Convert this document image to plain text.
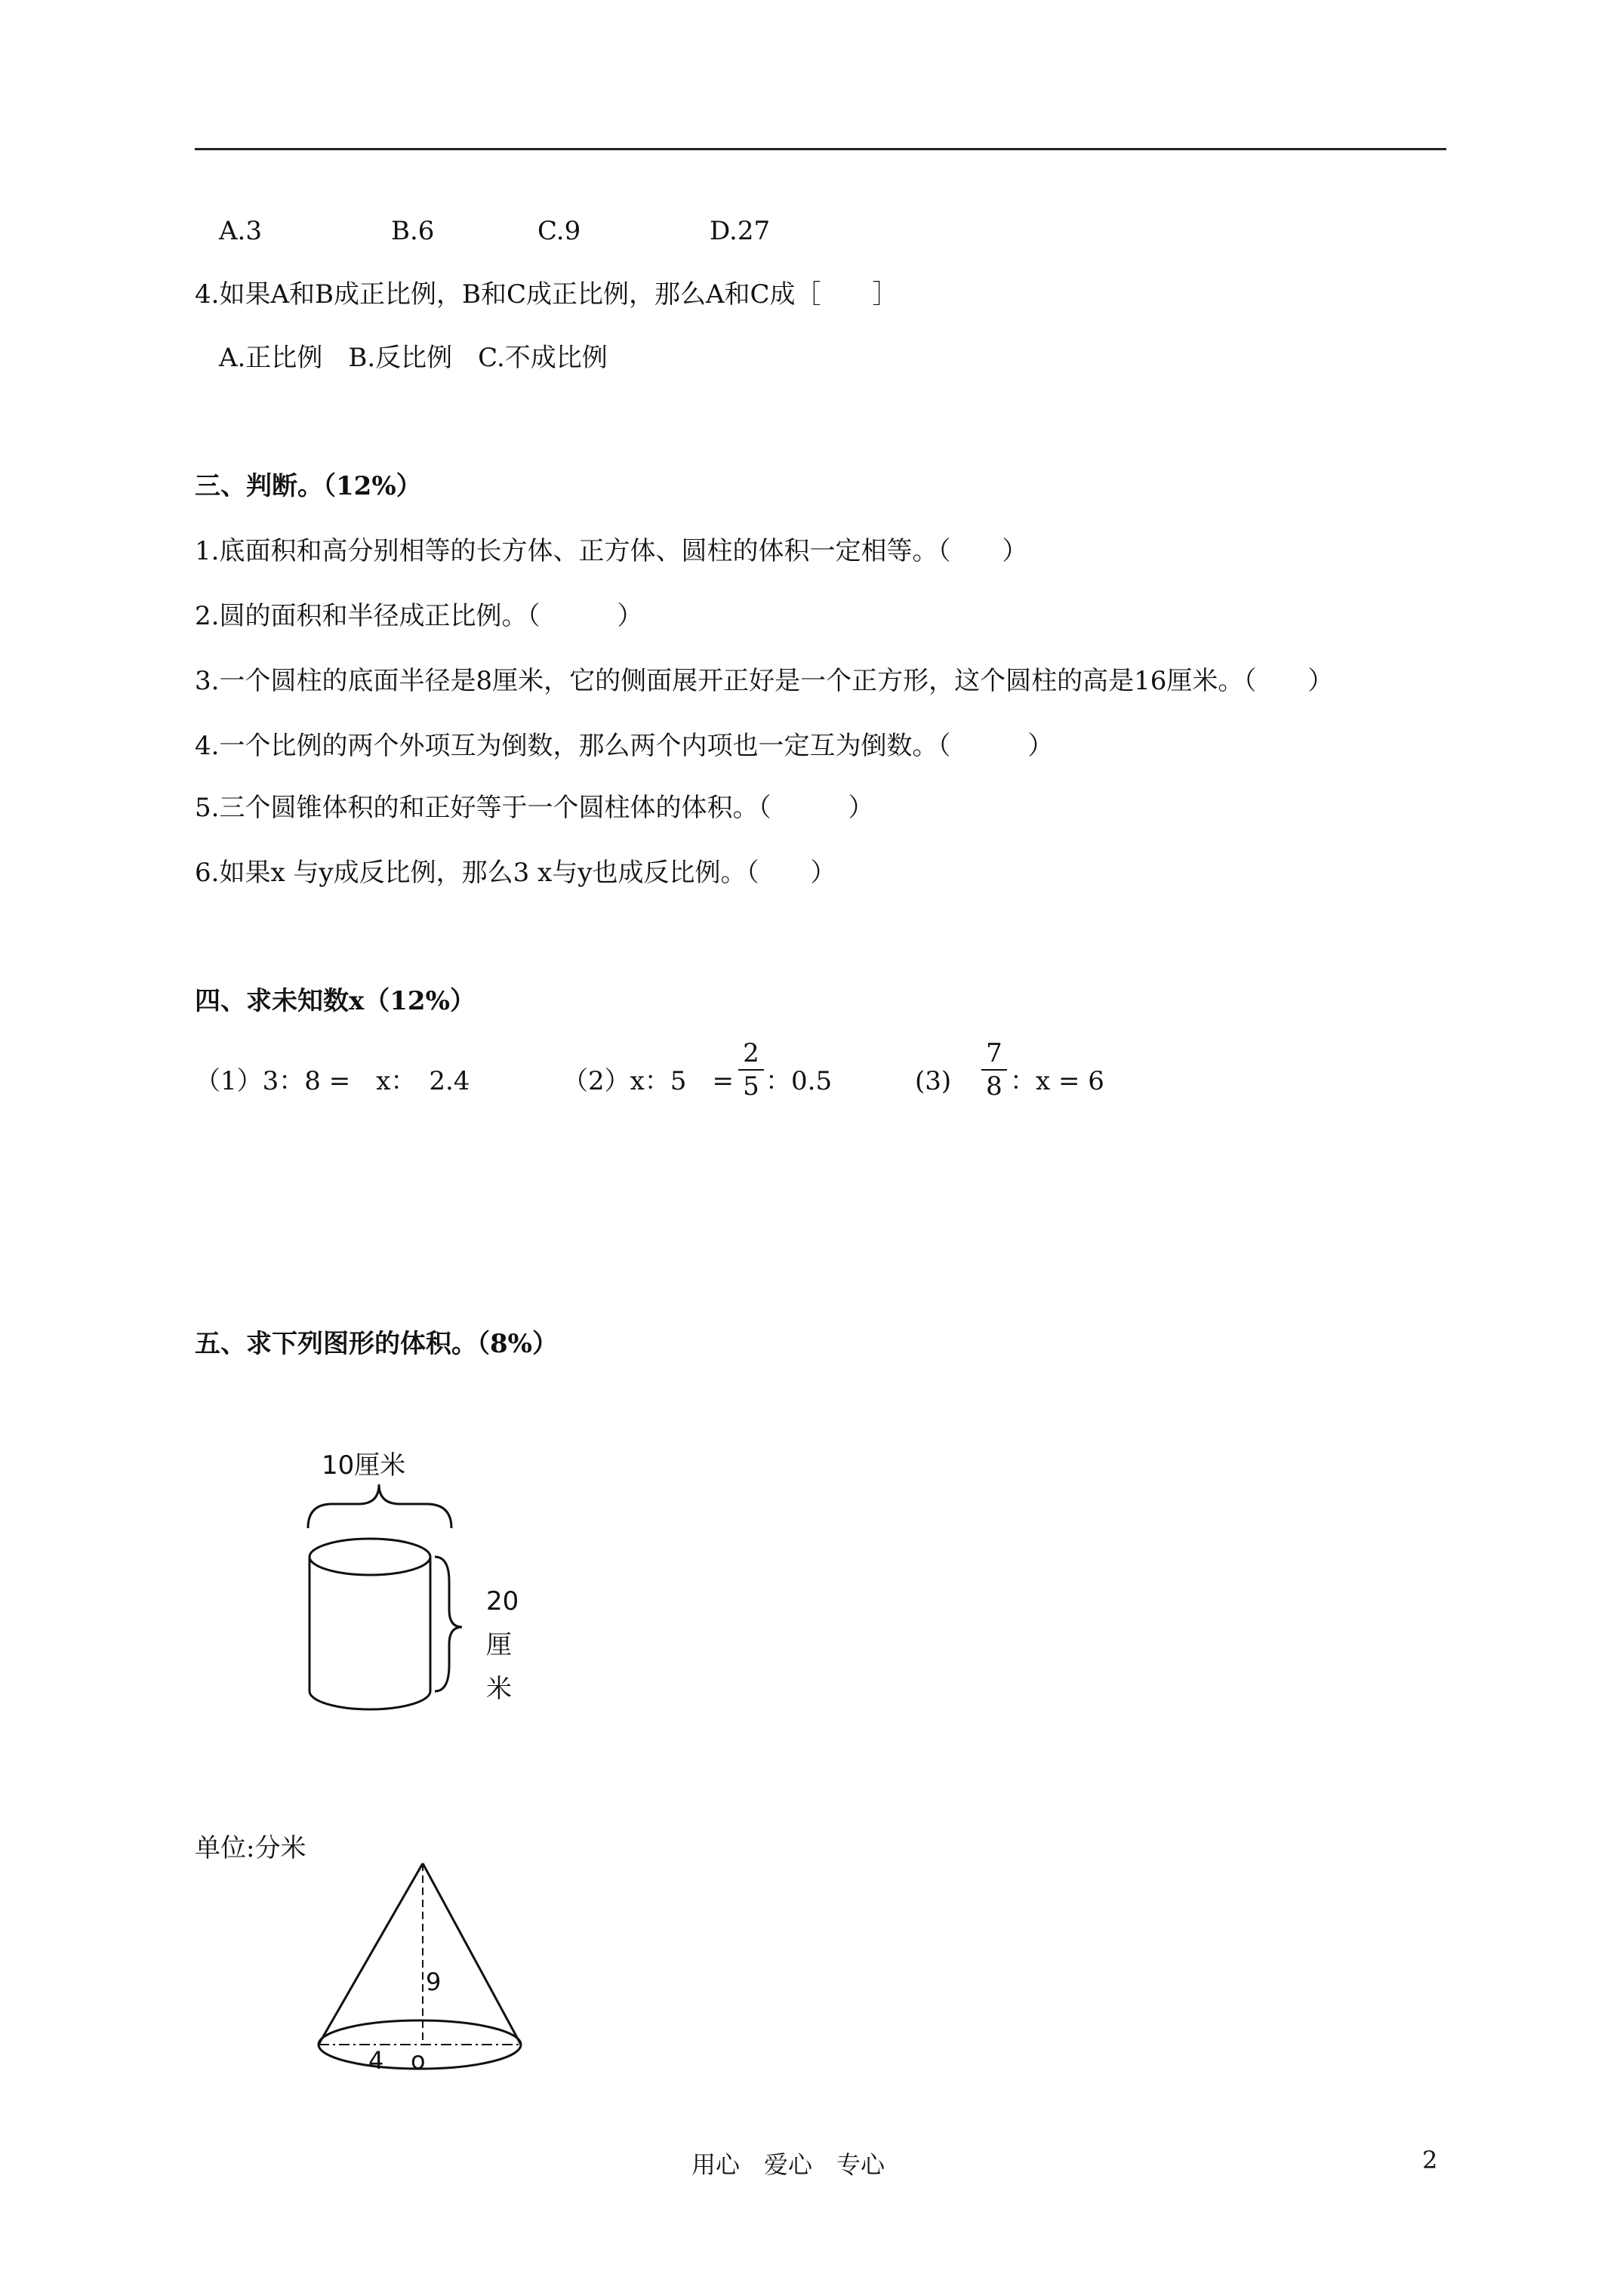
A.3	B.6	C.9	D.27
4.如果A和B成正比例，B和C成正比例，那么A和C成［　　］
A.正比例　B.反比例　C.不成比例
三、判断。（12%）
1.底面积和高分别相等的长方体、正方体、圆柱的体积一定相等。（　　）
2.圆的面积和半径成正比例。（　　　）
3.一个圆柱的底面半径是8厘米，它的侧面展开正好是一个正方形，这个圆柱的高是16厘米。（　　）
4.一个比例的两个外项互为倒数，那么两个内项也一定互为倒数。（　　　）
5.三个圆锥体积的和正好等于一个圆柱体的体积。（　　　）
6.如果x 与y成反比例，那么3 x与y也成反比例。（　　）
四、求未知数x（12%）
（1）3：8 =　x：　2.4	（2）x：5　=
2
5 ：0.5	(3)
7
8 ：x = 6
五、求下列图形的体积。（8%）
10厘米
20
厘
米
单位:分米
9
4 o
用心　爱心　专心	2
